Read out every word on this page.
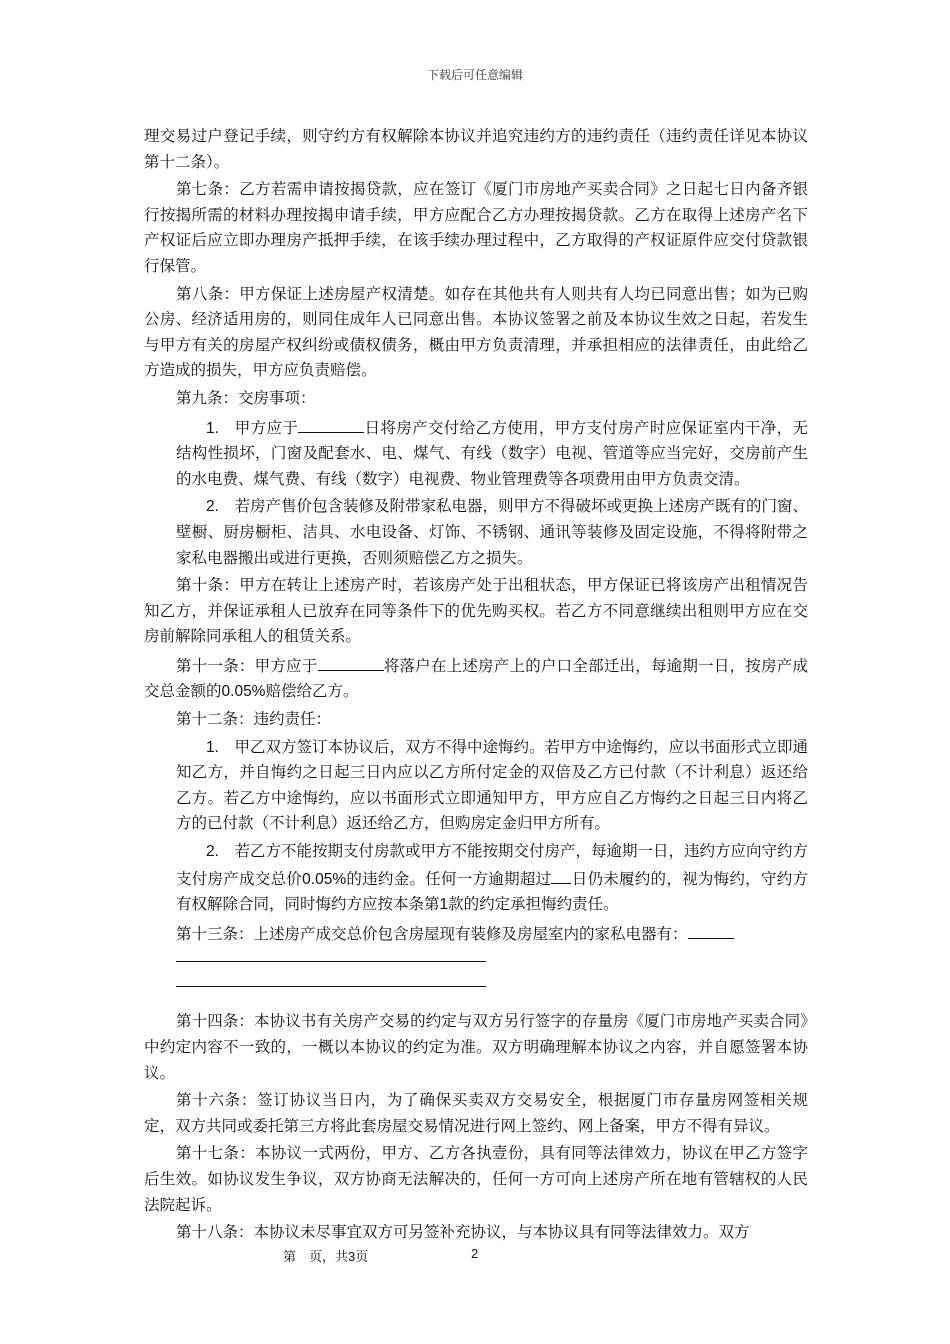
下载后可任意编辑

理交易过户登记手续，则守约方有权解除本协议并追究违约方的违约责任（违约责任详见本协议第十二条）。

第七条：乙方若需申请按揭贷款，应在签订《厦门市房地产买卖合同》之日起七日内备齐银行按揭所需的材料办理按揭申请手续，甲方应配合乙方办理按揭贷款。乙方在取得上述房产名下产权证后应立即办理房产抵押手续，在该手续办理过程中，乙方取得的产权证原件应交付贷款银行保管。

第八条：甲方保证上述房屋产权清楚。如存在其他共有人则共有人均已同意出售；如为已购公房、经济适用房的，则同住成年人已同意出售。本协议签署之前及本协议生效之日起，若发生与甲方有关的房屋产权纠纷或债权债务，概由甲方负责清理，并承担相应的法律责任，由此给乙方造成的损失，甲方应负责赔偿。

第九条：交房事项：

1.  甲方应于	日将房产交付给乙方使用，甲方支付房产时应保证室内干净，无结构性损坏，门窗及配套水、电、煤气、有线（数字）电视、管道等应当完好，交房前产生的水电费、煤气费、有线（数字）电视费、物业管理费等各项费用由甲方负责交清。

2.  若房产售价包含装修及附带家私电器，则甲方不得破坏或更换上述房产既有的门窗、壁橱、厨房橱柜、洁具、水电设备、灯饰、不锈钢、通讯等装修及固定设施，不得将附带之家私电器搬出或进行更换，否则须赔偿乙方之损失。

第十条：甲方在转让上述房产时，若该房产处于出租状态，甲方保证已将该房产出租情况告知乙方，并保证承租人已放弃在同等条件下的优先购买权。若乙方不同意继续出租则甲方应在交房前解除同承租人的租赁关系。

第十一条：甲方应于	将落户在上述房产上的户口全部迁出，每逾期一日，按房产成交总金额的0.05%赔偿给乙方。

第十二条：违约责任：

1.  甲乙双方签订本协议后，双方不得中途悔约。若甲方中途悔约，应以书面形式立即通知乙方，并自悔约之日起三日内应以乙方所付定金的双倍及乙方已付款（不计利息）返还给乙方。若乙方中途悔约，应以书面形式立即通知甲方，甲方应自乙方悔约之日起三日内将乙方的已付款（不计利息）返还给乙方，但购房定金归甲方所有。

2.  若乙方不能按期支付房款或甲方不能按期交付房产，每逾期一日，违约方应向守约方支付房产成交总价0.05%的违约金。任何一方逾期超过 日仍未履约的，视为悔约，守约方有权解除合同，同时悔约方应按本条第1款的约定承担悔约责任。

第十三条：上述房产成交总价包含房屋现有装修及房屋室内的家私电器有：

第十四条：本协议书有关房产交易的约定与双方另行签字的存量房《厦门市房地产买卖合同》中约定内容不一致的，一概以本协议的约定为准。双方明确理解本协议之内容，并自愿签署本协议。

第十六条：签订协议当日内，为了确保买卖双方交易安全，根据厦门市存量房网签相关规定，双方共同或委托第三方将此套房屋交易情况进行网上签约、网上备案，甲方不得有异议。

第十七条：本协议一式两份，甲方、乙方各执壹份，具有同等法律效力，协议在甲乙方签字后生效。如协议发生争议，双方协商无法解决的，任何一方可向上述房产所在地有管辖权的人民法院起诉。

第十八条：本协议未尽事宜双方可另签补充协议，与本协议具有同等法律效力。双方

第　页，共3页	2
